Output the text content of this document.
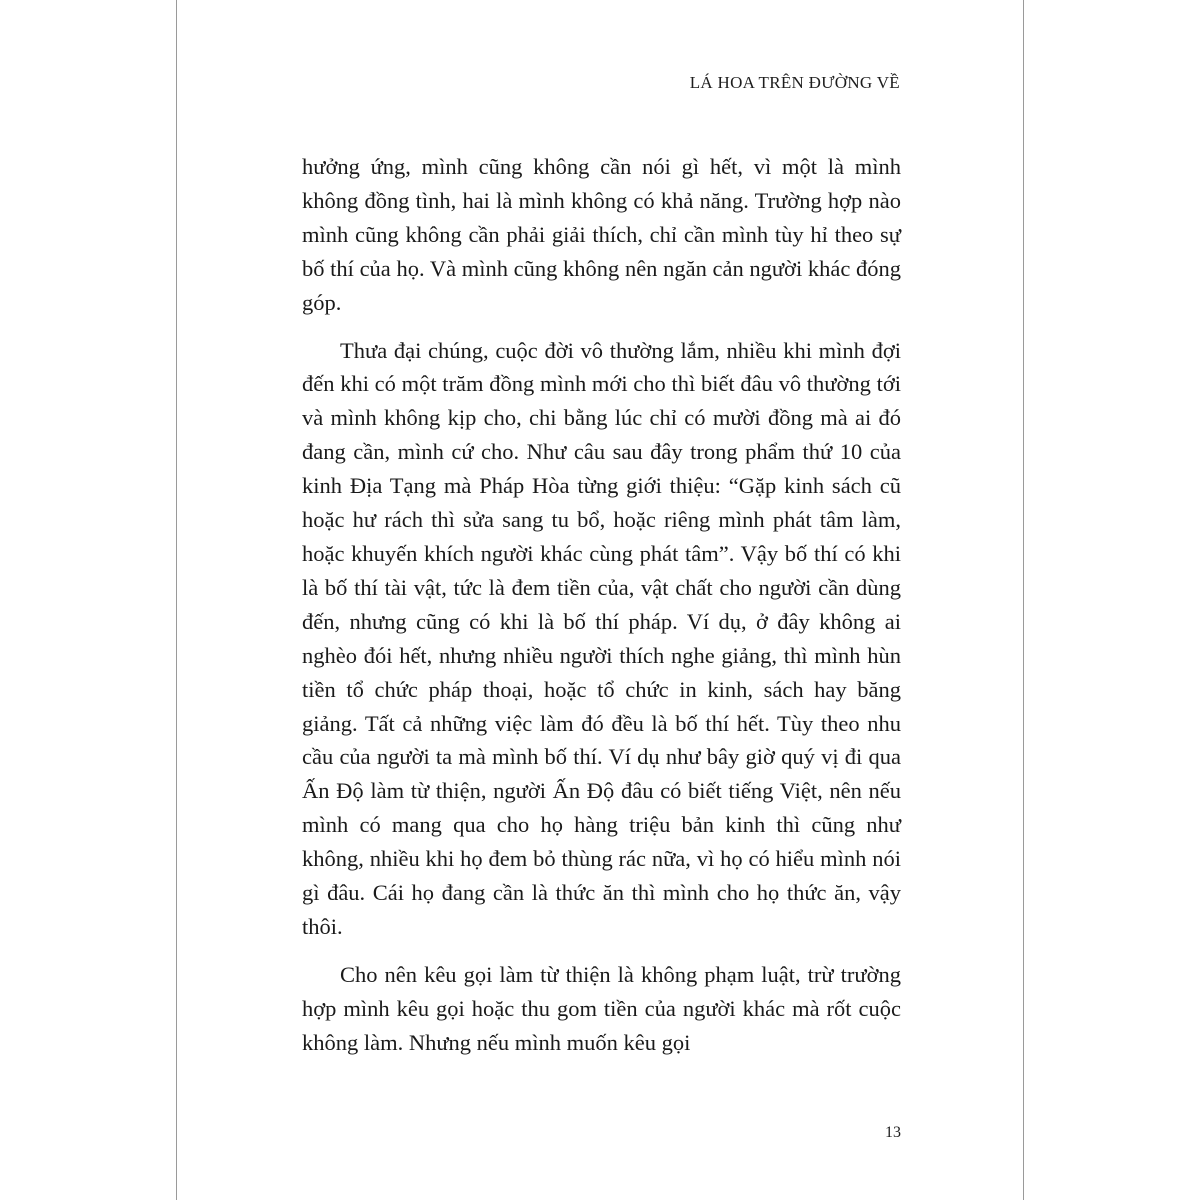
LÁ HOA TRÊN ĐƯỜNG VỀ

hưởng ứng, mình cũng không cần nói gì hết, vì một là mình không đồng tình, hai là mình không có khả năng. Trường hợp nào mình cũng không cần phải giải thích, chỉ cần mình tùy hỉ theo sự bố thí của họ. Và mình cũng không nên ngăn cản người khác đóng góp.

Thưa đại chúng, cuộc đời vô thường lắm, nhiều khi mình đợi đến khi có một trăm đồng mình mới cho thì biết đâu vô thường tới và mình không kịp cho, chi bằng lúc chỉ có mười đồng mà ai đó đang cần, mình cứ cho. Như câu sau đây trong phẩm thứ 10 của kinh Địa Tạng mà Pháp Hòa từng giới thiệu: “Gặp kinh sách cũ hoặc hư rách thì sửa sang tu bổ, hoặc riêng mình phát tâm làm, hoặc khuyến khích người khác cùng phát tâm”. Vậy bố thí có khi là bố thí tài vật, tức là đem tiền của, vật chất cho người cần dùng đến, nhưng cũng có khi là bố thí pháp. Ví dụ, ở đây không ai nghèo đói hết, nhưng nhiều người thích nghe giảng, thì mình hùn tiền tổ chức pháp thoại, hoặc tổ chức in kinh, sách hay băng giảng. Tất cả những việc làm đó đều là bố thí hết. Tùy theo nhu cầu của người ta mà mình bố thí. Ví dụ như bây giờ quý vị đi qua Ấn Độ làm từ thiện, người Ấn Độ đâu có biết tiếng Việt, nên nếu mình có mang qua cho họ hàng triệu bản kinh thì cũng như không, nhiều khi họ đem bỏ thùng rác nữa, vì họ có hiểu mình nói gì đâu. Cái họ đang cần là thức ăn thì mình cho họ thức ăn, vậy thôi.

Cho nên kêu gọi làm từ thiện là không phạm luật, trừ trường hợp mình kêu gọi hoặc thu gom tiền của người khác mà rốt cuộc không làm. Nhưng nếu mình muốn kêu gọi

13
